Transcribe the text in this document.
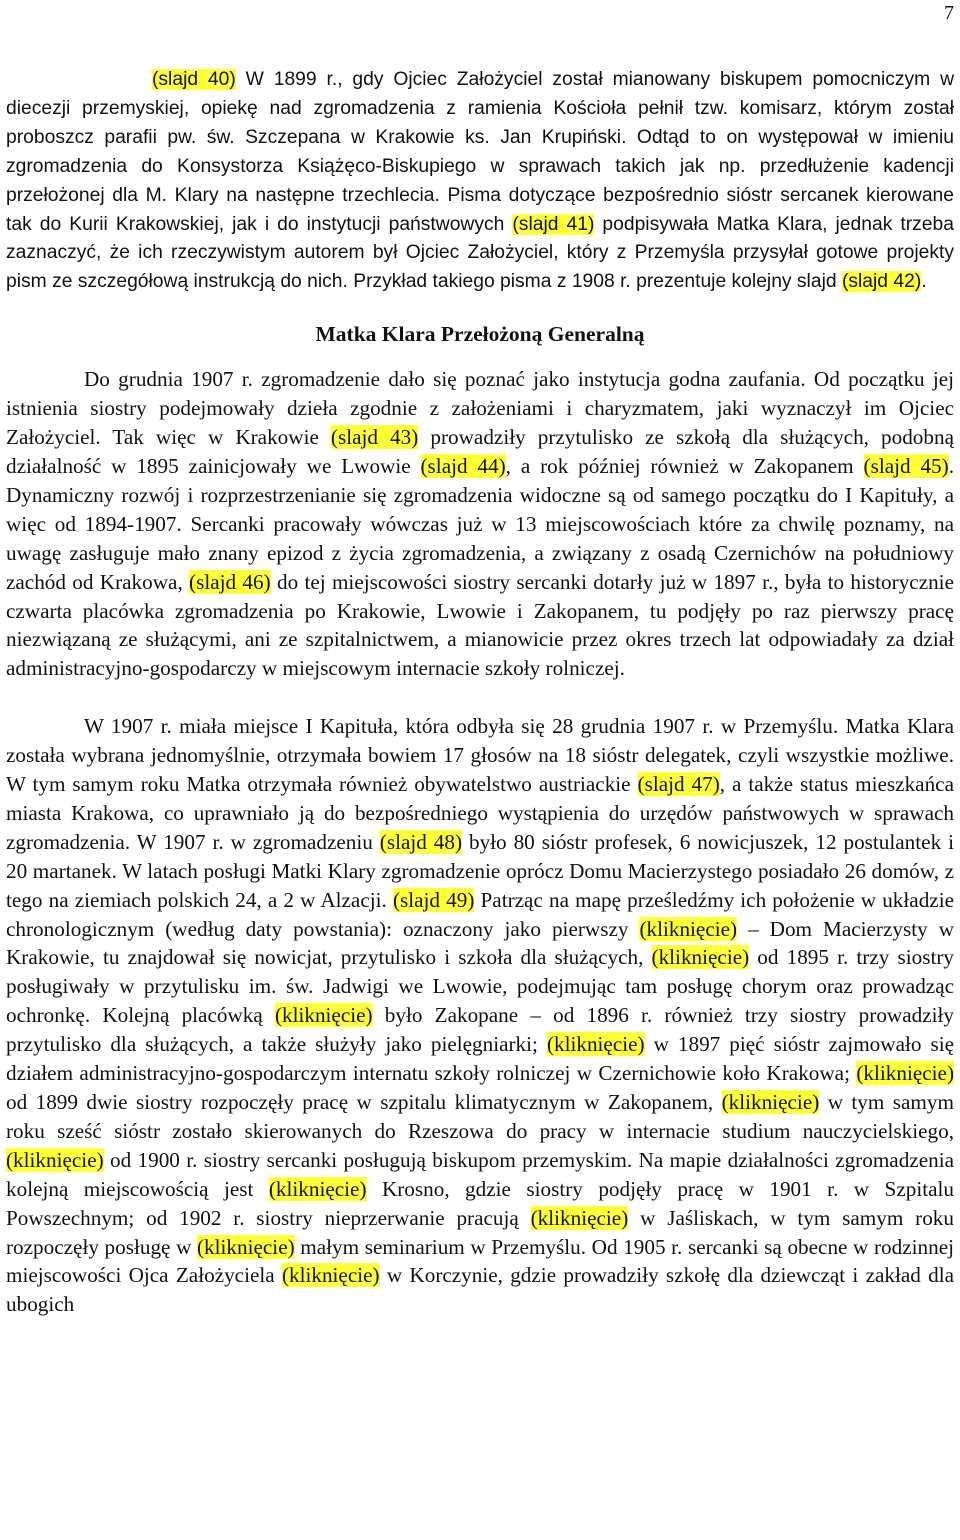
7

(slajd 40) W 1899 r., gdy Ojciec Założyciel został mianowany biskupem pomocniczym w diecezji przemyskiej, opiekę nad zgromadzenia z ramienia Kościoła pełnił tzw. komisarz, którym został proboszcz parafii pw. św. Szczepana w Krakowie ks. Jan Krupiński. Odtąd to on występował w imieniu zgromadzenia do Konsystorza Książęco-Biskupiego w sprawach takich jak np. przedłużenie kadencji przełożonej dla M. Klary na następne trzechlecia. Pisma dotyczące bezpośrednio sióstr sercanek kierowane tak do Kurii Krakowskiej, jak i do instytucji państwowych (slajd 41) podpisywała Matka Klara, jednak trzeba zaznaczyć, że ich rzeczywistym autorem był Ojciec Założyciel, który z Przemyśla przysyłał gotowe projekty pism ze szczegółową instrukcją do nich. Przykład takiego pisma z 1908 r. prezentuje kolejny slajd (slajd 42).

Matka Klara Przełożoną Generalną

Do grudnia 1907 r. zgromadzenie dało się poznać jako instytucja godna zaufania. Od początku jej istnienia siostry podejmowały dzieła zgodnie z założeniami i charyzmatem, jaki wyznaczył im Ojciec Założyciel. Tak więc w Krakowie (slajd 43) prowadziły przytulisko ze szkołą dla służących, podobną działalność w 1895 zainicjowały we Lwowie (slajd 44), a rok później również w Zakopanem (slajd 45). Dynamiczny rozwój i rozprzestrzenianie się zgromadzenia widoczne są od samego początku do I Kapituły, a więc od 1894-1907. Sercanki pracowały wówczas już w 13 miejscowościach które za chwilę poznamy, na uwagę zasługuje mało znany epizod z życia zgromadzenia, a związany z osadą Czernichów na południowy zachód od Krakowa, (slajd 46) do tej miejscowości siostry sercanki dotarły już w 1897 r., była to historycznie czwarta placówka zgromadzenia po Krakowie, Lwowie i Zakopanem, tu podjęły po raz pierwszy pracę niezwiązaną ze służącymi, ani ze szpitalnictwem, a mianowicie przez okres trzech lat odpowiadały za dział administracyjno-gospodarczy w miejscowym internacie szkoły rolniczej.

W 1907 r. miała miejsce I Kapituła, która odbyła się 28 grudnia 1907 r. w Przemyślu. Matka Klara została wybrana jednomyślnie, otrzymała bowiem 17 głosów na 18 sióstr delegatek, czyli wszystkie możliwe. W tym samym roku Matka otrzymała również obywatelstwo austriackie (slajd 47), a także status mieszkańca miasta Krakowa, co uprawniało ją do bezpośredniego wystąpienia do urzędów państwowych w sprawach zgromadzenia. W 1907 r. w zgromadzeniu (slajd 48) było 80 sióstr profesek, 6 nowicjuszek, 12 postulantek i 20 martanek. W latach posługi Matki Klary zgromadzenie oprócz Domu Macierzystego posiadało 26 domów, z tego na ziemiach polskich 24, a 2 w Alzacji. (slajd 49) Patrząc na mapę prześledźmy ich położenie w układzie chronologicznym (według daty powstania): oznaczony jako pierwszy (kliknięcie) – Dom Macierzysty w Krakowie, tu znajdował się nowicjat, przytulisko i szkoła dla służących, (kliknięcie) od 1895 r. trzy siostry posługiwały w przytulisku im. św. Jadwigi we Lwowie, podejmując tam posługę chorym oraz prowadząc ochronkę. Kolejną placówką (kliknięcie) było Zakopane – od 1896 r. również trzy siostry prowadziły przytulisko dla służących, a także służyły jako pielęgniarki; (kliknięcie) w 1897 pięć sióstr zajmowało się działem administracyjno-gospodarczym internatu szkoły rolniczej w Czernichowie koło Krakowa; (kliknięcie) od 1899 dwie siostry rozpoczęły pracę w szpitalu klimatycznym w Zakopanem, (kliknięcie) w tym samym roku sześć sióstr zostało skierowanych do Rzeszowa do pracy w internacie studium nauczycielskiego, (kliknięcie) od 1900 r. siostry sercanki posługują biskupom przemyskim. Na mapie działalności zgromadzenia kolejną miejscowością jest (kliknięcie) Krosno, gdzie siostry podjęły pracę w 1901 r. w Szpitalu Powszechnym; od 1902 r. siostry nieprzerwanie pracują (kliknięcie) w Jaśliskach, w tym samym roku rozpoczęły posługę w (kliknięcie) małym seminarium w Przemyślu. Od 1905 r. sercanki są obecne w rodzinnej miejscowości Ojca Założyciela (kliknięcie) w Korczynie, gdzie prowadziły szkołę dla dziewcząt i zakład dla ubogich
